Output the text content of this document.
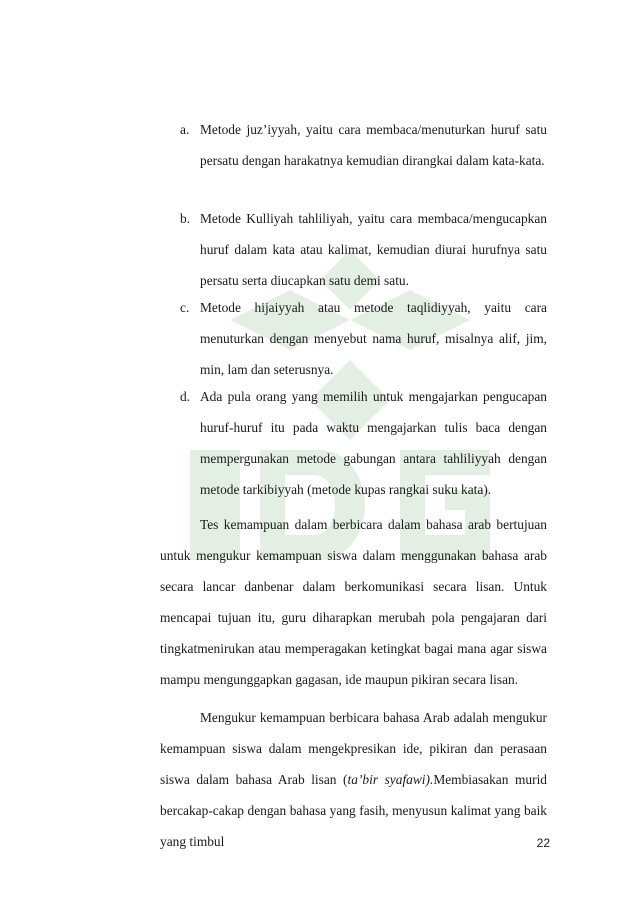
a. Metode juz’iyyah, yaitu cara membaca/menuturkan huruf satu persatu dengan harakatnya kemudian dirangkai dalam kata-kata.
b. Metode Kulliyah tahliliyah, yaitu cara membaca/mengucapkan huruf dalam kata atau kalimat, kemudian diurai hurufnya satu persatu serta diucapkan satu demi satu.
c. Metode hijaiyyah atau metode taqlidiyyah, yaitu cara menuturkan dengan menyebut nama huruf, misalnya alif, jim, min, lam dan seterusnya.
d. Ada pula orang yang memilih untuk mengajarkan pengucapan huruf-huruf itu pada waktu mengajarkan tulis baca dengan mempergunakan metode gabungan antara tahliliyyah dengan metode tarkibiyyah (metode kupas rangkai suku kata).
Tes kemampuan dalam berbicara dalam bahasa arab bertujuan untuk mengukur kemampuan siswa dalam menggunakan bahasa arab secara lancar danbenar dalam berkomunikasi secara lisan. Untuk mencapai tujuan itu, guru diharapkan merubah pola pengajaran dari tingkatmenirukan atau memperagakan ketingkat bagai mana agar siswa mampu mengunggapkan gagasan, ide maupun pikiran secara lisan.
Mengukur kemampuan berbicara bahasa Arab adalah mengukur kemampuan siswa dalam mengekpresikan ide, pikiran dan perasaan siswa dalam bahasa Arab lisan (ta’bir syafawi).Membiasakan murid bercakap-cakap dengan bahasa yang fasih, menyusun kalimat yang baik yang timbul	22
